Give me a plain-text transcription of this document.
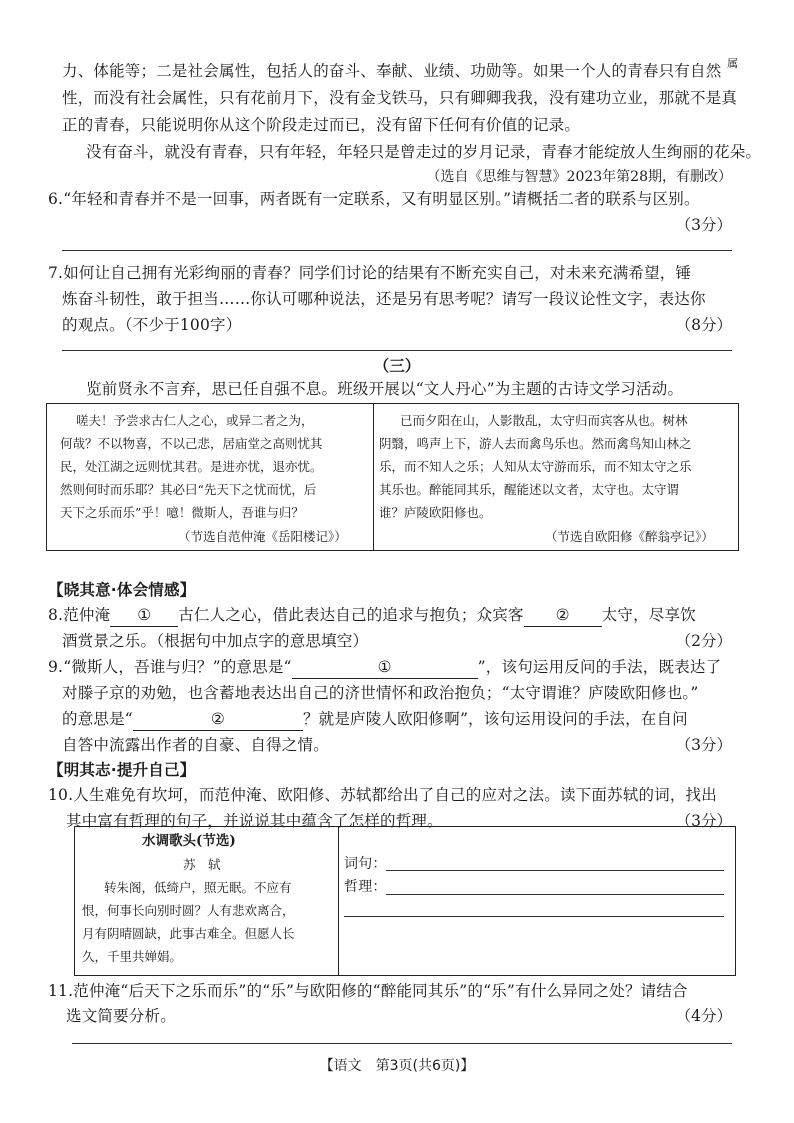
力、体能等；二是社会属性，包括人的奋斗、奉献、业绩、功勋等。如果一个人的青春只有自然 属
性，而没有社会属性，只有花前月下，没有金戈铁马，只有卿卿我我，没有建功立业，那就不是真
正的青春，只能说明你从这个阶段走过而已，没有留下任何有价值的记录。
没有奋斗，就没有青春，只有年轻，年轻只是曾走过的岁月记录，青春才能绽放人生绚丽的花朵。
（选自《思维与智慧》2023年第28期，有删改）
6.“年轻和青春并不是一回事，两者既有一定联系，又有明显区别。”请概括二者的联系与区别。
（3分）
7.如何让自己拥有光彩绚丽的青春？同学们讨论的结果有不断充实自己，对未来充满希望，锤
炼奋斗韧性，敢于担当……你认可哪种说法，还是另有思考呢？请写一段议论性文字，表达你
的观点。（不少于100字）	（8分）
（三）
览前贤永不言弃，思已任自强不息。班级开展以“文人丹心”为主题的古诗文学习活动。
嗟夫！予尝求古仁人之心，或异二者之为，
何哉？不以物喜，不以己悲，居庙堂之高则忧其
民，处江湖之远则忧其君。是进亦忧，退亦忧。
然则何时而乐耶？其必曰“先天下之忧而忧，后
天下之乐而乐”乎！噫！微斯人，吾谁与归？
（节选自范仲淹《岳阳楼记》）
已而夕阳在山，人影散乱，太守归而宾客从也。树林
阴翳，鸣声上下，游人去而禽鸟乐也。然而禽鸟知山林之
乐，而不知人之乐；人知从太守游而乐，而不知太守之乐
其乐也。醉能同其乐，醒能述以文者，太守也。太守谓
谁？庐陵欧阳修也。
（节选自欧阳修《醉翁亭记》）
【晓其意·体会情感】
8.范仲淹 ① 古仁人之心，借此表达自己的追求与抱负；众宾客 ② 太守，尽享饮
酒赏景之乐。（根据句中加点字的意思填空）	（2分）
9.“微斯人，吾谁与归？”的意思是“	①	”，该句运用反问的手法，既表达了
对滕子京的劝勉，也含蓄地表达出自己的济世情怀和政治抱负；“太守谓谁？庐陵欧阳修也。”
的意思是“	②	？就是庐陵人欧阳修啊”，该句运用设问的手法，在自问
自答中流露出作者的自豪、自得之情。	（3分）
【明其志·提升自己】
10.人生难免有坎坷，而范仲淹、欧阳修、苏轼都给出了自己的应对之法。读下面苏轼的词，找出
其中富有哲理的句子，并说说其中蕴含了怎样的哲理。	（3分）
水调歌头(节选)
苏　轼
转朱阁，低绮户，照无眠。不应有
恨，何事长向别时圆？人有悲欢离合，
月有阴晴圆缺，此事古难全。但愿人长
久，千里共婵娟。
词句：
哲理：
11.范仲淹“后天下之乐而乐”的“乐”与欧阳修的“醉能同其乐”的“乐”有什么异同之处？请结合
选文简要分析。	（4分）
【语文　第3页(共6页)】
